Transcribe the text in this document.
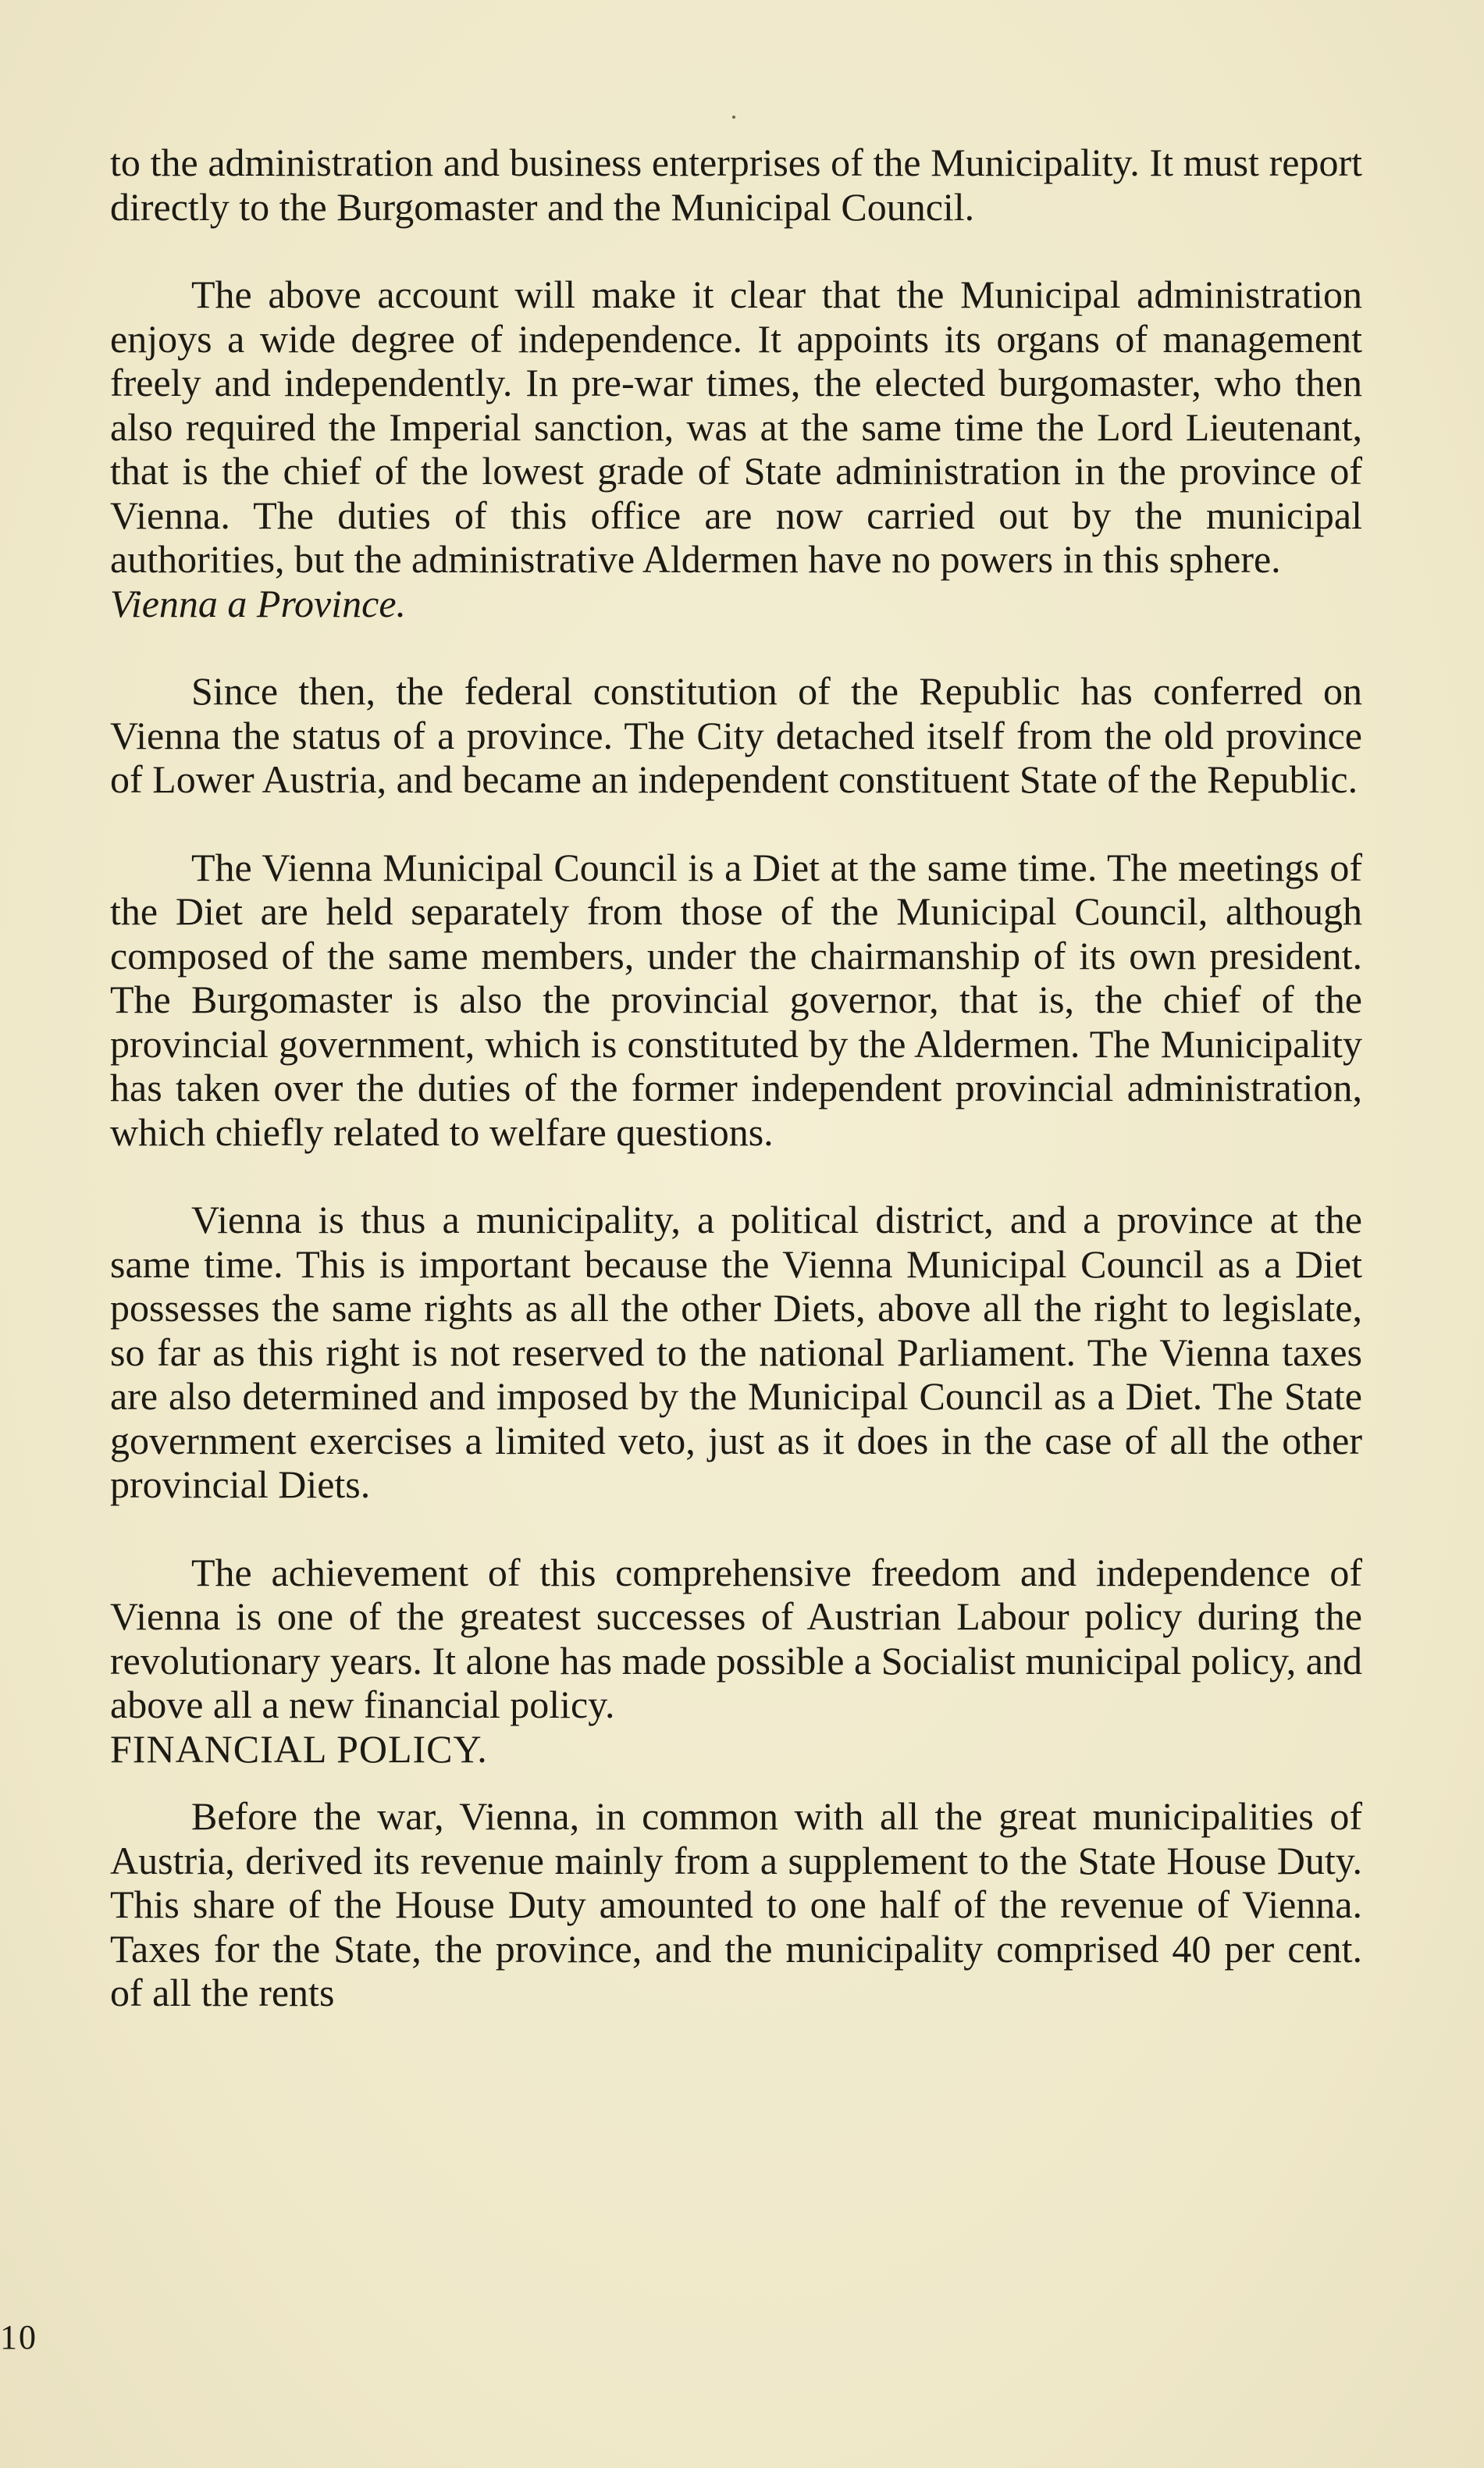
to the administration and business enterprises of the Municipality. It must report directly to the Burgomaster and the Municipal Council.

The above account will make it clear that the Municipal administration enjoys a wide degree of independence. It appoints its organs of management freely and independently. In pre-war times, the elected burgomaster, who then also required the Imperial sanction, was at the same time the Lord Lieutenant, that is the chief of the lowest grade of State administration in the province of Vienna. The duties of this office are now carried out by the municipal authorities, but the administrative Aldermen have no powers in this sphere.

Vienna a Province.

Since then, the federal constitution of the Republic has conferred on Vienna the status of a province. The City detached itself from the old province of Lower Austria, and became an independent constituent State of the Republic.

The Vienna Municipal Council is a Diet at the same time. The meetings of the Diet are held separately from those of the Municipal Council, although composed of the same members, under the chairmanship of its own president. The Burgomaster is also the provincial governor, that is, the chief of the provincial government, which is constituted by the Aldermen. The Municipality has taken over the duties of the former independent provincial administration, which chiefly related to welfare questions.

Vienna is thus a municipality, a political district, and a province at the same time. This is important because the Vienna Municipal Council as a Diet possesses the same rights as all the other Diets, above all the right to legislate, so far as this right is not reserved to the national Parliament. The Vienna taxes are also determined and imposed by the Municipal Council as a Diet. The State government exercises a limited veto, just as it does in the case of all the other provincial Diets.

The achievement of this comprehensive freedom and independence of Vienna is one of the greatest successes of Austrian Labour policy during the revolutionary years. It alone has made possible a Socialist municipal policy, and above all a new financial policy.

FINANCIAL POLICY.

Before the war, Vienna, in common with all the great municipalities of Austria, derived its revenue mainly from a supplement to the State House Duty. This share of the House Duty amounted to one half of the revenue of Vienna. Taxes for the State, the province, and the municipality comprised 40 per cent. of all the rents

10
